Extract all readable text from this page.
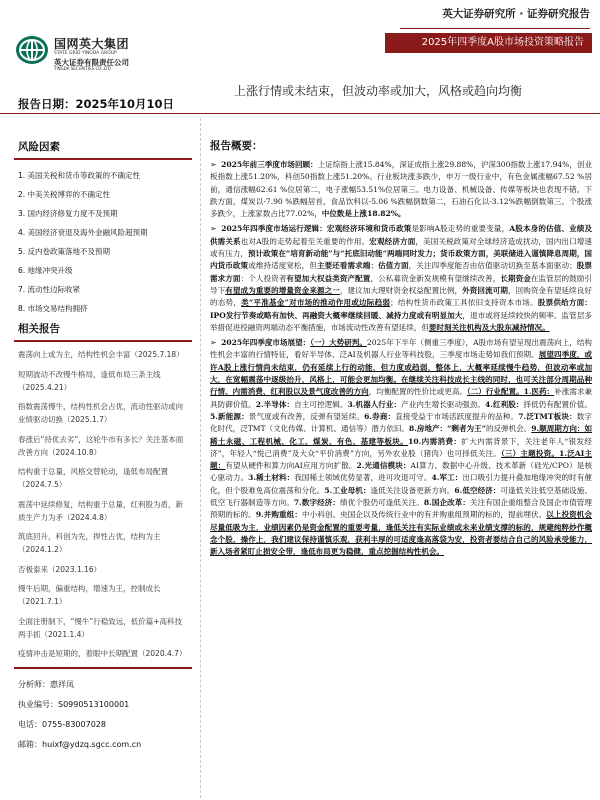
国网英大集团
STATE GRID YINGDA GROUP
英大证券有限责任公司
YINGDA SECURITIES CO.,LTD
英大证券研究所 · 证券研究报告
2025年四季度A股市场投资策略报告
上涨行情或未结束，但波动率或加大，风格或趋向均衡
报告日期：2025年10月10日
风险因素
1. 美国关税和货币等政策的不确定性
2. 中美关税博弈的不确定性
3. 国内经济修复力度不及预期
4. 美国经济衰退及海外金融风险超预期
5. 反内卷政策落地不及预期
6. 地缘冲突升级
7. 流动性边际收紧
8. 市场交易结构拥挤
相关报告
震荡向上或为主，结构性机会丰富（2025.7.18）
短期波动不改慢牛格局，逢低布局三条主线（2025.4.21）
指数震荡慢牛，结构性机会占优，流动性驱动或向业绩驱动切换（2025.1.7）
春涨后“持优去劣”，这轮牛市有多长？关注基本面改善方向（2024.10.8）
结构重于总量，风格交替轮动，逢低布局配置（2024.7.5）
震荡中延续修复，结构重于总量，红利股为盾，新质生产力为矛（2024.4.8）
筑底回升，科创为先，捍性占优，结构为主（2024.1.2）
否极泰来（2023.1.16）
慢牛后期，偏重结构，增速为王，控制成长（2021.7.1）
全面注册制下，“慢牛”行稳致远，低价篇+高科技两手抓（2021.1.4）
疫情冲击是短期的，着眼中长期配置（2020.4.7）
分析师：惠祥凤
执业编号：S0990513100001
电话：0755-83007028
邮箱：huixf@ydzq.sgcc.com.cn
报告概要：

➢ 2025年前三季度市场回顾：上证综指上涨15.84%，深证成指上涨29.88%，沪深300指数上涨17.94%，创业板指数上涨51.20%，科创50指数上涨51.20%。行业板块涨多跌少，申万一级行业中，有色金属涨幅67.52 %居前，通信涨幅62.61 %位居第二，电子涨幅53.51%位居第三。电力设备、机械设备、传媒等板块也表现不错。下跌方面，煤炭以-7.90 %跌幅居首，食品饮料以-5.06 %跌幅倒数第二，石油石化以-3.12%跌幅倒数第三。个股涨多跌少，上涨家数占比77.02%，中位数是上涨18.82%。

➢ 2025年四季度市场运行逻辑：宏观经济环境和货币政策是影响A股走势的重要变量，A股本身的估值、业绩及供需关系也对A股的走势起着至关重要的作用。宏观经济方面，美国关税政策对全球经济造成扰动，国内出口增速或有压力，预计政策在“培育新动能”与“托底旧动能”两端同时发力；货币政策方面，美联储进入谨慎降息周期，国内货币政策或维持适度宽松，但主要还看需求端；估值方面，关注四季度能否由估值驱动切换至基本面驱动；股票需求方面：个人投资者有望加大权益类资产配置，公私募资金新发规模有望继续改善，长期资金在监管层的鼓励引导下有望成为重要的增量资金来源之一，建议加大理财资金权益配置比例，外资回流可期，回购资金有望延续良好的态势，类“平准基金”对市场的推动作用或边际趋弱；结构性货币政策工具依旧支持资本市场。股票供给方面：IPO发行节奏或略有加快、再融资大概率继续回暖、减持力度或有明显加大，退市或将延续较快的频率。监管层多举措促进投融资两端动态平衡措施，市场流动性改善有望延续，但要时刻关注机构及大股东减持情况。

➢ 2025年四季度市场展望：（一）大势研判。2025年下半年（侧重三季度），A股市场有望呈现出震荡向上，结构性机会丰富的行情特征，看好半导体、泛AI及机器人行业等科技股，三季度市场走势如我们预期。展望四季度，或许A股上涨行情尚未结束，仍有延续上行的动能，但力度或趋弱，整体上，大概率延续慢牛趋势，但波动率或加大，在宽幅震荡中逐级抬升，风格上，可能会更加均衡。在继续关注科技成长主线的同时，也可关注部分周期品种行情、内需消费、红利股以及景气度改善的方向，均衡配置的性价比或更高。（二）行业配置。1.医药：补涨需求兼具防御价值。2.半导体：自主可控逻辑。3.机器人行业：产业内生增长驱动强劲。4.红利股：择低仍有配置价值。5.新能源：景气度或有改善，反弹有望延续。6.券商：直接受益于市场活跃度提升的品种。7.泛TMT板块：数字化时代，泛TMT（文化传媒、计算机、通信等）潜力依旧。8.房地产：“剩者为王”的反弹机会。9.顺周期方向：如稀土永磁、工程机械、化工、煤炭、有色、基建等板块。10.内需消费：扩大内需背景下，关注老年人“银发经济”，年轻人“悦己消费”及大众“平价消费”方向，另外农业股（猪肉）也可择低关注。（三）主题投资。1.泛AI主题：有望从硬件和算力向AI应用方向扩散。2.光通信模块：AI算力、数据中心升级、技术革新（硅光/CPO）是核心驱动力。3.稀土材料：我国稀土领域优势显著，进可攻退可守。4.军工：出口吸引力提升叠加地缘冲突的时有催化，但个股难免高位震荡和分化。5.工业母机：逢低关注设备更新方向。6.低空经济：可逢低关注低空基础设施、低空飞行器制造等方向。7.数字经济：绩优个股仍可逢低关注。8.国企改革：关注有国企重组整合及国企市值管理预期的标的。9.并购重组：中小科创、央国企以及传统行业中的有并购重组预期的标的，提前埋伏。以上投资机会尽量低吸为主，业绩因素仍是资金配置的重要考量，逢低关注有实际业绩或未来业绩支撑的标的，规避纯粹炒作概念个股、操作上，我们建议保持谨慎乐观，获利丰厚的可适度逢高落袋为安，投资者要结合自己的风险承受能力，新入场者紧盯止损安全带，逢低布局更为稳健，重点挖掘结构性机会。
